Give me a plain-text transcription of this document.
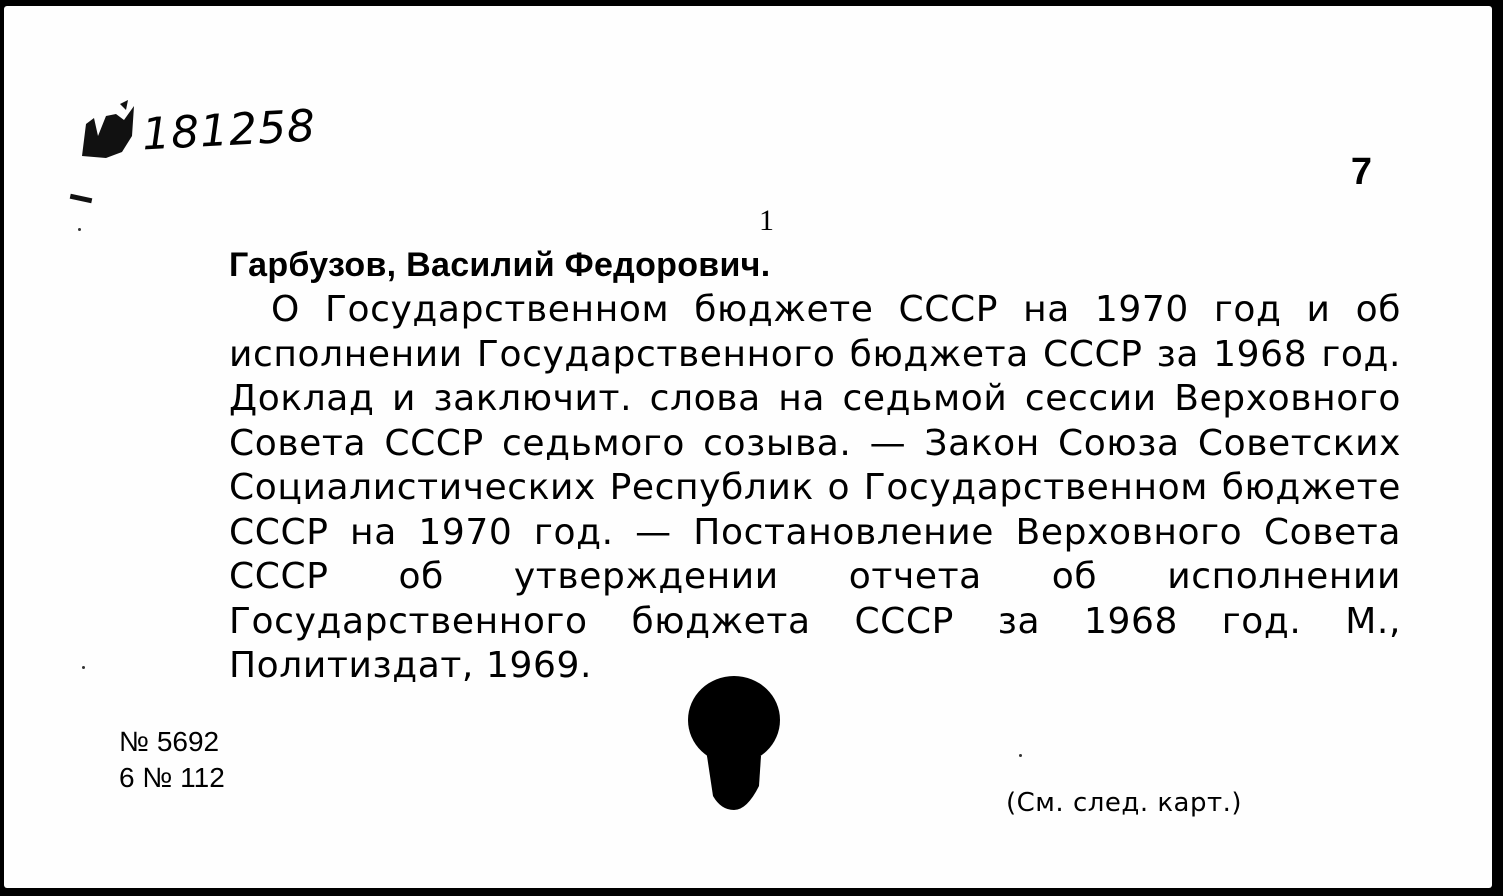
181258
7
1
Гарбузов, Василий Федорович.
О Государственном бюджете СССР на 1970 год и об исполнении Государственного бюджета СССР за 1968 год. Доклад и заключит. слова на седьмой сессии Верховного Совета СССР седьмого созыва. — Закон Союза Советских Социалистических Республик о Государственном бюджете СССР на 1970 год. — Постановление Верховного Совета СССР об утверждении отчета об исполнении Государственного бюджета СССР за 1968 год. М., Политиздат, 1969.
№ 5692
6 № 112
(См. след. карт.)
